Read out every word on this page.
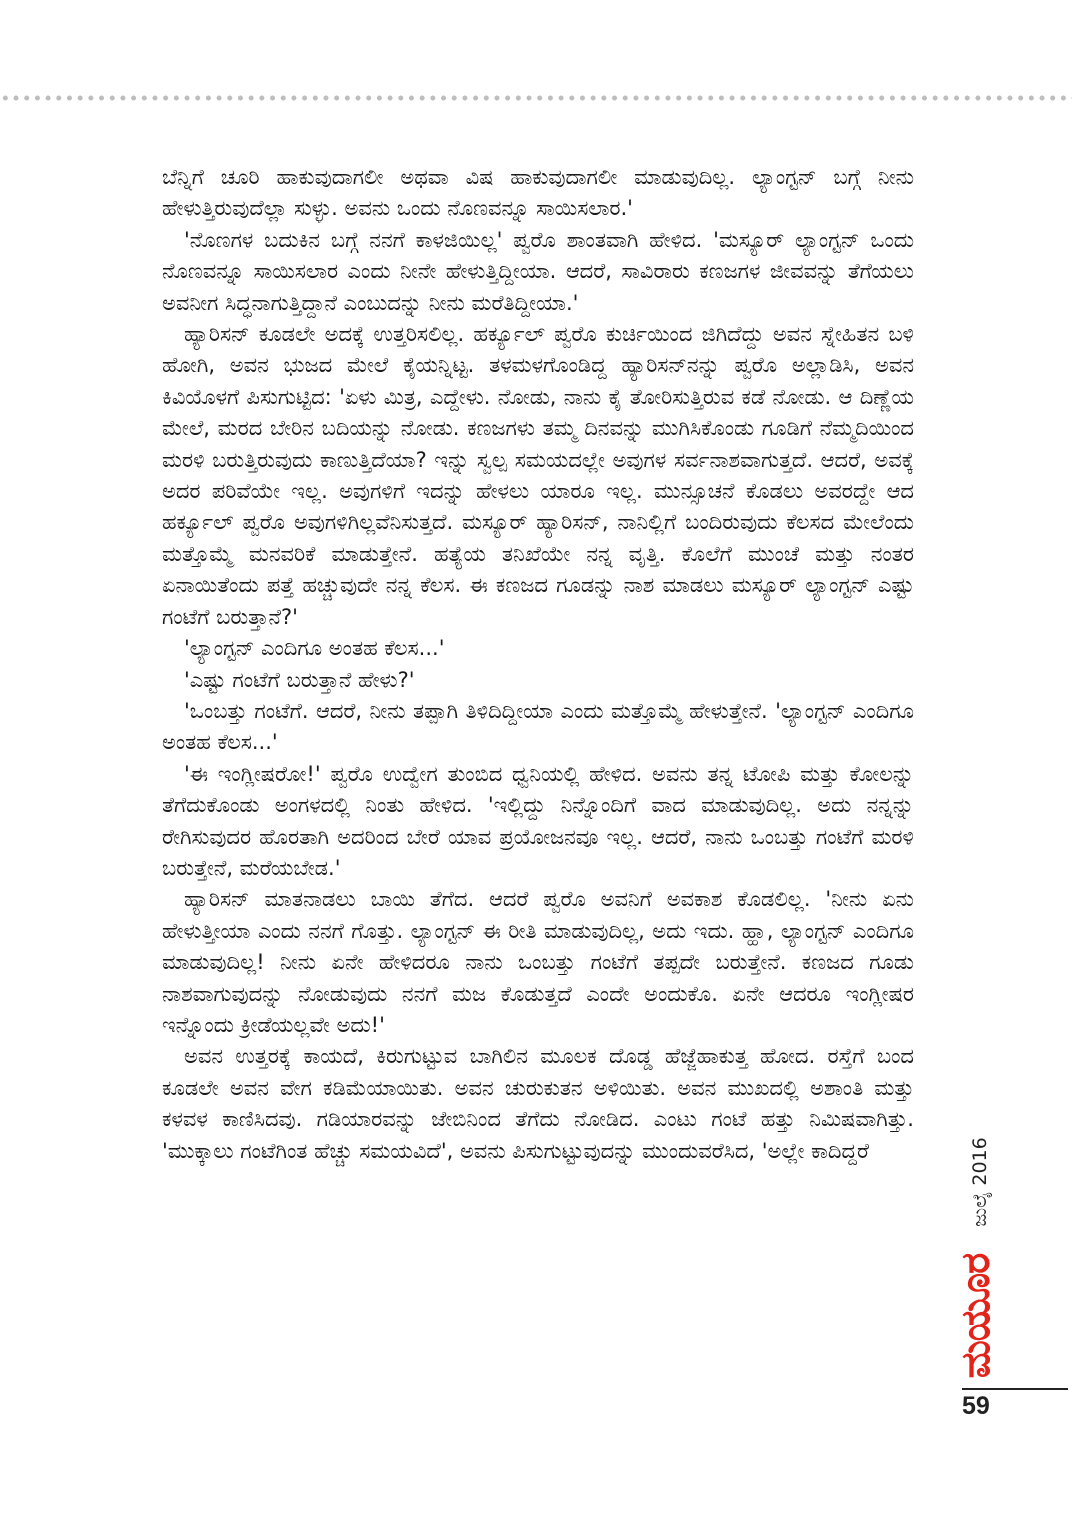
ಬೆನ್ನಿಗೆ ಚೂರಿ ಹಾಕುವುದಾಗಲೀ ಅಥವಾ ವಿಷ ಹಾಕುವುದಾಗಲೀ ಮಾಡುವುದಿಲ್ಲ. ಲ್ಯಾಂಗ್ಟನ್ ಬಗ್ಗೆ ನೀನು ಹೇಳುತ್ತಿರುವುದೆಲ್ಲಾ ಸುಳ್ಳು. ಅವನು ಒಂದು ನೊಣವನ್ನೂ ಸಾಯಿಸಲಾರ.'

'ನೊಣಗಳ ಬದುಕಿನ ಬಗ್ಗೆ ನನಗೆ ಕಾಳಜಿಯಿಲ್ಲ' ಪ್ವರೊ ಶಾಂತವಾಗಿ ಹೇಳಿದ. 'ಮಸ್ಯೂರ್ ಲ್ಯಾಂಗ್ಟನ್ ಒಂದು ನೊಣವನ್ನೂ ಸಾಯಿಸಲಾರ ಎಂದು ನೀನೇ ಹೇಳುತ್ತಿದ್ದೀಯಾ. ಆದರೆ, ಸಾವಿರಾರು ಕಣಜಗಳ ಜೀವವನ್ನು ತೆಗೆಯಲು ಅವನೀಗ ಸಿದ್ಧನಾಗುತ್ತಿದ್ದಾನೆ ಎಂಬುದನ್ನು ನೀನು ಮರೆತಿದ್ದೀಯಾ.'

ಹ್ಯಾರಿಸನ್ ಕೂಡಲೇ ಅದಕ್ಕೆ ಉತ್ತರಿಸಲಿಲ್ಲ. ಹರ್ಕ್ಯೂಲ್ ಪ್ವರೊ ಕುರ್ಚಿಯಿಂದ ಜಿಗಿದೆದ್ದು ಅವನ ಸ್ನೇಹಿತನ ಬಳಿ ಹೋಗಿ, ಅವನ ಭುಜದ ಮೇಲೆ ಕೈಯನ್ನಿಟ್ಟ. ತಳಮಳಗೊಂಡಿದ್ದ ಹ್ಯಾರಿಸನ್‌ನನ್ನು ಪ್ವರೊ ಅಲ್ಲಾಡಿಸಿ, ಅವನ ಕಿವಿಯೊಳಗೆ ಪಿಸುಗುಟ್ಟಿದ: 'ಏಳು ಮಿತ್ರ, ಎದ್ದೇಳು. ನೋಡು, ನಾನು ಕೈ ತೋರಿಸುತ್ತಿರುವ ಕಡೆ ನೋಡು. ಆ ದಿಣ್ಣೆಯ ಮೇಲೆ, ಮರದ ಬೇರಿನ ಬದಿಯನ್ನು ನೋಡು. ಕಣಜಗಳು ತಮ್ಮ ದಿನವನ್ನು ಮುಗಿಸಿಕೊಂಡು ಗೂಡಿಗೆ ನೆಮ್ಮದಿಯಿಂದ ಮರಳಿ ಬರುತ್ತಿರುವುದು ಕಾಣುತ್ತಿದೆಯಾ? ಇನ್ನು ಸ್ವಲ್ಪ ಸಮಯದಲ್ಲೇ ಅವುಗಳ ಸರ್ವನಾಶವಾಗುತ್ತದೆ. ಆದರೆ, ಅವಕ್ಕೆ ಅದರ ಪರಿವೆಯೇ ಇಲ್ಲ. ಅವುಗಳಿಗೆ ಇದನ್ನು ಹೇಳಲು ಯಾರೂ ಇಲ್ಲ. ಮುನ್ಸೂಚನೆ ಕೊಡಲು ಅವರದ್ದೇ ಆದ ಹರ್ಕ್ಯೂಲ್ ಪ್ವರೊ ಅವುಗಳಿಗಿಲ್ಲವೆನಿಸುತ್ತದೆ. ಮಸ್ಯೂರ್ ಹ್ಯಾರಿಸನ್, ನಾನಿಲ್ಲಿಗೆ ಬಂದಿರುವುದು ಕೆಲಸದ ಮೇಲೆಂದು ಮತ್ತೊಮ್ಮೆ ಮನವರಿಕೆ ಮಾಡುತ್ತೇನೆ. ಹತ್ಯೆಯ ತನಿಖೆಯೇ ನನ್ನ ವೃತ್ತಿ. ಕೊಲೆಗೆ ಮುಂಚೆ ಮತ್ತು ನಂತರ ಏನಾಯಿತೆಂದು ಪತ್ತೆ ಹಚ್ಚುವುದೇ ನನ್ನ ಕೆಲಸ. ಈ ಕಣಜದ ಗೂಡನ್ನು ನಾಶ ಮಾಡಲು ಮಸ್ಯೂರ್ ಲ್ಯಾಂಗ್ಟನ್ ಎಷ್ಟು ಗಂಟೆಗೆ ಬರುತ್ತಾನೆ?'

'ಲ್ಯಾಂಗ್ಟನ್ ಎಂದಿಗೂ ಅಂತಹ ಕೆಲಸ...'

'ಎಷ್ಟು ಗಂಟೆಗೆ ಬರುತ್ತಾನೆ ಹೇಳು?'

'ಒಂಬತ್ತು ಗಂಟೆಗೆ. ಆದರೆ, ನೀನು ತಪ್ಪಾಗಿ ತಿಳಿದಿದ್ದೀಯಾ ಎಂದು ಮತ್ತೊಮ್ಮೆ ಹೇಳುತ್ತೇನೆ. 'ಲ್ಯಾಂಗ್ಟನ್ ಎಂದಿಗೂ ಅಂತಹ ಕೆಲಸ...'

'ಈ ಇಂಗ್ಲೀಷರೋ!' ಪ್ವರೊ ಉದ್ವೇಗ ತುಂಬಿದ ಧ್ವನಿಯಲ್ಲಿ ಹೇಳಿದ. ಅವನು ತನ್ನ ಟೋಪಿ ಮತ್ತು ಕೋಲನ್ನು ತೆಗೆದುಕೊಂಡು ಅಂಗಳದಲ್ಲಿ ನಿಂತು ಹೇಳಿದ. 'ಇಲ್ಲಿದ್ದು ನಿನ್ನೊಂದಿಗೆ ವಾದ ಮಾಡುವುದಿಲ್ಲ. ಅದು ನನ್ನನ್ನು ರೇಗಿಸುವುದರ ಹೊರತಾಗಿ ಅದರಿಂದ ಬೇರೆ ಯಾವ ಪ್ರಯೋಜನವೂ ಇಲ್ಲ. ಆದರೆ, ನಾನು ಒಂಬತ್ತು ಗಂಟೆಗೆ ಮರಳಿ ಬರುತ್ತೇನೆ, ಮರೆಯಬೇಡ.'

ಹ್ಯಾರಿಸನ್ ಮಾತನಾಡಲು ಬಾಯಿ ತೆಗೆದ. ಆದರೆ ಪ್ವರೊ ಅವನಿಗೆ ಅವಕಾಶ ಕೊಡಲಿಲ್ಲ. 'ನೀನು ಏನು ಹೇಳುತ್ತೀಯಾ ಎಂದು ನನಗೆ ಗೊತ್ತು. ಲ್ಯಾಂಗ್ಟನ್ ಈ ರೀತಿ ಮಾಡುವುದಿಲ್ಲ, ಅದು ಇದು. ಹ್ಹಾ, ಲ್ಯಾಂಗ್ಟನ್ ಎಂದಿಗೂ ಮಾಡುವುದಿಲ್ಲ! ನೀನು ಏನೇ ಹೇಳಿದರೂ ನಾನು ಒಂಬತ್ತು ಗಂಟೆಗೆ ತಪ್ಪದೇ ಬರುತ್ತೇನೆ. ಕಣಜದ ಗೂಡು ನಾಶವಾಗುವುದನ್ನು ನೋಡುವುದು ನನಗೆ ಮಜ ಕೊಡುತ್ತದೆ ಎಂದೇ ಅಂದುಕೊ. ಏನೇ ಆದರೂ ಇಂಗ್ಲೀಷರ ಇನ್ನೊಂದು ಕ್ರೀಡೆಯಲ್ಲವೇ ಅದು!'

ಅವನ ಉತ್ತರಕ್ಕೆ ಕಾಯದೆ, ಕಿರುಗುಟ್ಟುವ ಬಾಗಿಲಿನ ಮೂಲಕ ದೊಡ್ಡ ಹೆಜ್ಜೆಹಾಕುತ್ತ ಹೋದ. ರಸ್ತೆಗೆ ಬಂದ ಕೂಡಲೇ ಅವನ ವೇಗ ಕಡಿಮೆಯಾಯಿತು. ಅವನ ಚುರುಕುತನ ಅಳಿಯಿತು. ಅವನ ಮುಖದಲ್ಲಿ ಅಶಾಂತಿ ಮತ್ತು ಕಳವಳ ಕಾಣಿಸಿದವು. ಗಡಿಯಾರವನ್ನು ಜೇಬಿನಿಂದ ತೆಗೆದು ನೋಡಿದ. ಎಂಟು ಗಂಟೆ ಹತ್ತು ನಿಮಿಷವಾಗಿತ್ತು. 'ಮುಕ್ಕಾಲು ಗಂಟೆಗಿಂತ ಹೆಚ್ಚು ಸಮಯವಿದೆ', ಅವನು ಪಿಸುಗುಟ್ಟುವುದನ್ನು ಮುಂದುವರೆಸಿದ, 'ಅಲ್ಲೇ ಕಾದಿದ್ದರೆ	ಜುಲೈ 2016
ಮಯೂರ
59
